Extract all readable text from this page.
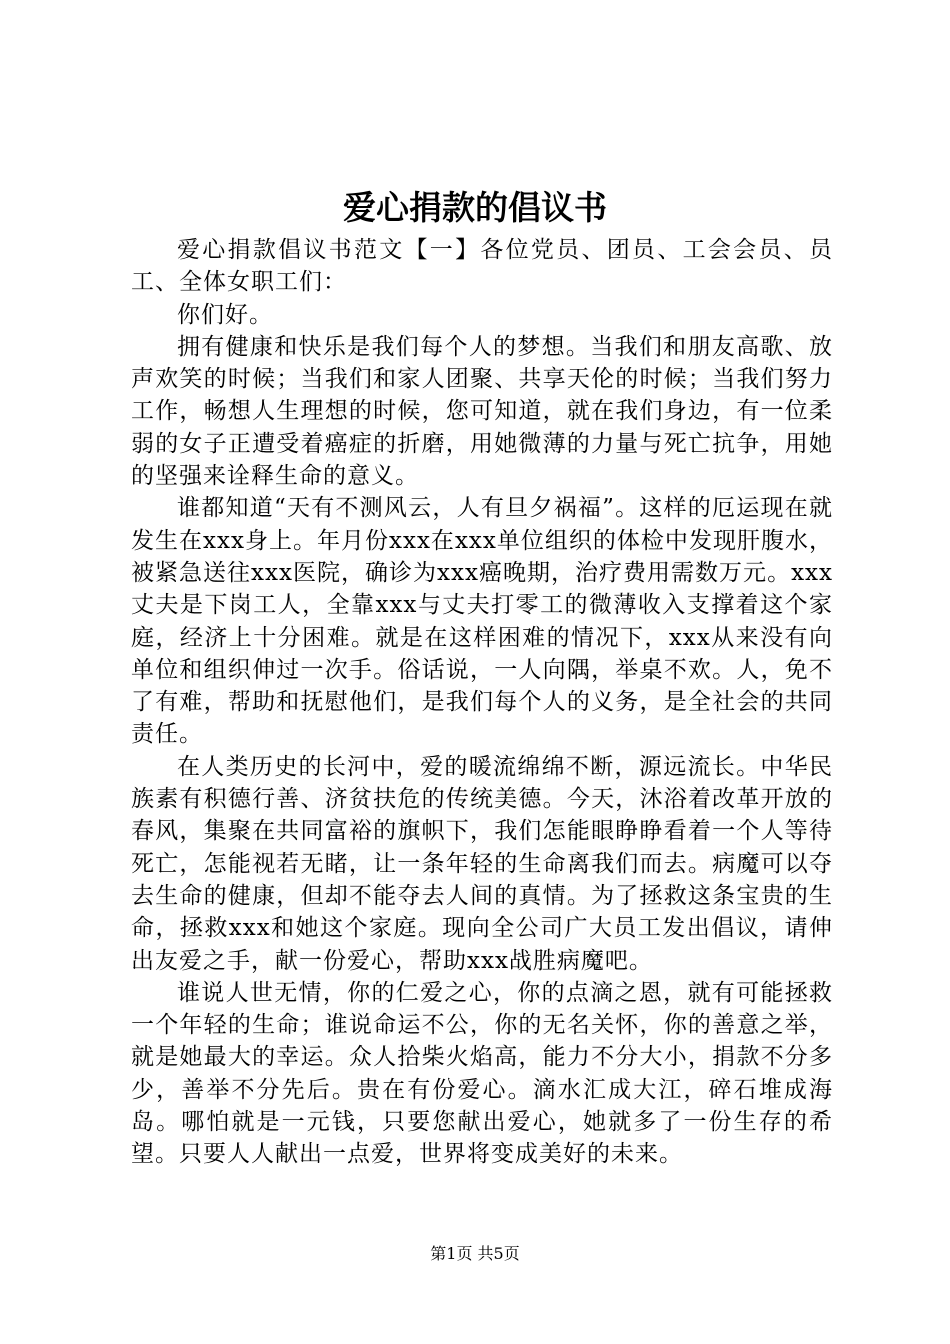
爱心捐款的倡议书

爱心捐款倡议书范文【一】各位党员、团员、工会会员、员工、全体女职工们：

你们好。

拥有健康和快乐是我们每个人的梦想。当我们和朋友高歌、放声欢笑的时候；当我们和家人团聚、共享天伦的时候；当我们努力工作，畅想人生理想的时候，您可知道，就在我们身边，有一位柔弱的女子正遭受着癌症的折磨，用她微薄的力量与死亡抗争，用她的坚强来诠释生命的意义。

谁都知道“天有不测风云，人有旦夕祸福”。这样的厄运现在就发生在xxx身上。年月份xxx在xxx单位组织的体检中发现肝腹水，被紧急送往xxx医院，确诊为xxx癌晚期，治疗费用需数万元。xxx丈夫是下岗工人，全靠xxx与丈夫打零工的微薄收入支撑着这个家庭，经济上十分困难。就是在这样困难的情况下，xxx从来没有向单位和组织伸过一次手。俗话说，一人向隅，举桌不欢。人，免不了有难，帮助和抚慰他们，是我们每个人的义务，是全社会的共同责任。

在人类历史的长河中，爱的暖流绵绵不断，源远流长。中华民族素有积德行善、济贫扶危的传统美德。今天，沐浴着改革开放的春风，集聚在共同富裕的旗帜下，我们怎能眼睁睁看着一个人等待死亡，怎能视若无睹，让一条年轻的生命离我们而去。病魔可以夺去生命的健康，但却不能夺去人间的真情。为了拯救这条宝贵的生命，拯救xxx和她这个家庭。现向全公司广大员工发出倡议，请伸出友爱之手，献一份爱心，帮助xxx战胜病魔吧。

谁说人世无情，你的仁爱之心，你的点滴之恩，就有可能拯救一个年轻的生命；谁说命运不公，你的无名关怀，你的善意之举，就是她最大的幸运。众人拾柴火焰高，能力不分大小，捐款不分多少，善举不分先后。贵在有份爱心。滴水汇成大江，碎石堆成海岛。哪怕就是一元钱，只要您献出爱心，她就多了一份生存的希望。只要人人献出一点爱，世界将变成美好的未来。

第1页 共5页
